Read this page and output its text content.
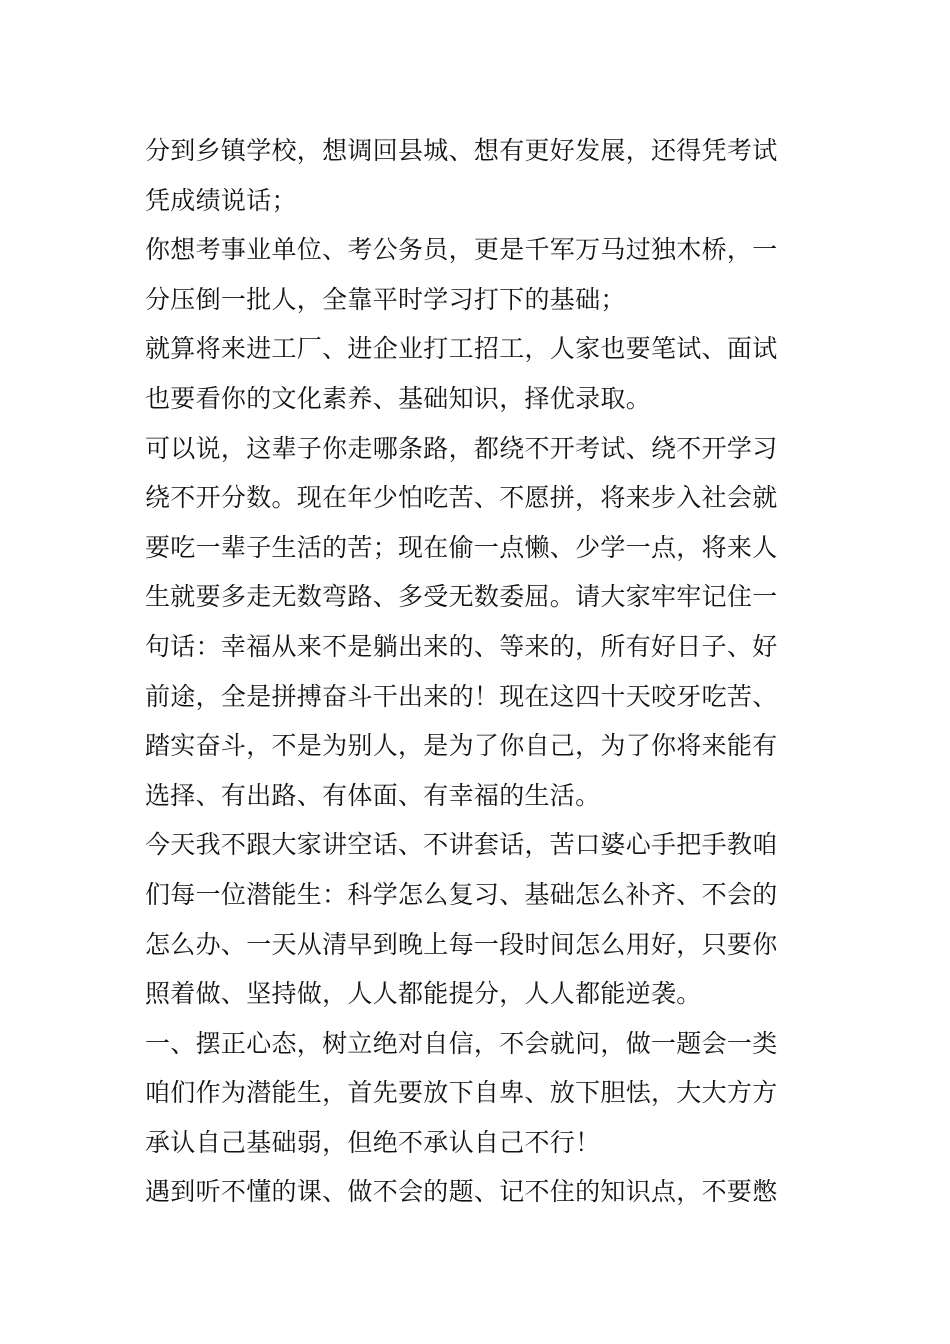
分到乡镇学校，想调回县城、想有更好发展，还得凭考试
凭成绩说话；
你想考事业单位、考公务员，更是千军万马过独木桥，一
分压倒一批人，全靠平时学习打下的基础；
就算将来进工厂、进企业打工招工，人家也要笔试、面试
也要看你的文化素养、基础知识，择优录取。
可以说，这辈子你走哪条路，都绕不开考试、绕不开学习
绕不开分数。现在年少怕吃苦、不愿拼，将来步入社会就
要吃一辈子生活的苦；现在偷一点懒、少学一点，将来人
生就要多走无数弯路、多受无数委屈。请大家牢牢记住一
句话：幸福从来不是躺出来的、等来的，所有好日子、好
前途，全是拼搏奋斗干出来的！现在这四十天咬牙吃苦、
踏实奋斗，不是为别人，是为了你自己，为了你将来能有
选择、有出路、有体面、有幸福的生活。
今天我不跟大家讲空话、不讲套话，苦口婆心手把手教咱
们每一位潜能生：科学怎么复习、基础怎么补齐、不会的
怎么办、一天从清早到晚上每一段时间怎么用好，只要你
照着做、坚持做，人人都能提分，人人都能逆袭。
一、摆正心态，树立绝对自信，不会就问，做一题会一类
咱们作为潜能生，首先要放下自卑、放下胆怯，大大方方
承认自己基础弱，但绝不承认自己不行！
遇到听不懂的课、做不会的题、记不住的知识点，不要憋
